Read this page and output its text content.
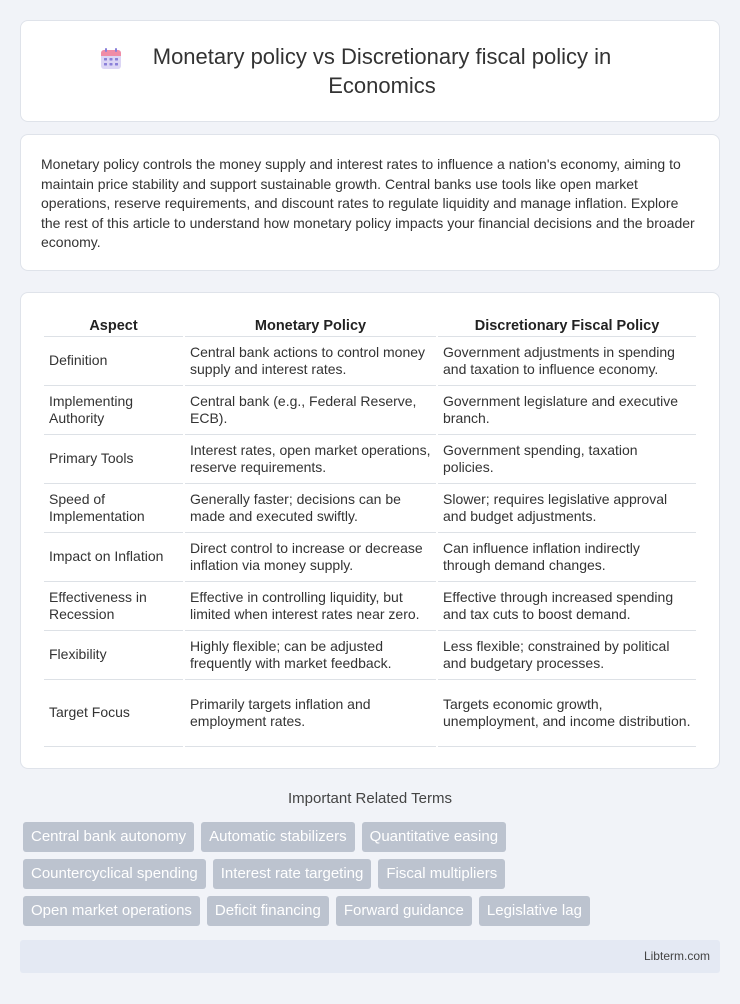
Monetary policy vs Discretionary fiscal policy in Economics

Monetary policy controls the money supply and interest rates to influence a nation's economy, aiming to maintain price stability and support sustainable growth. Central banks use tools like open market operations, reserve requirements, and discount rates to regulate liquidity and manage inflation. Explore the rest of this article to understand how monetary policy impacts your financial decisions and the broader economy.

Aspect	Monetary Policy	Discretionary Fiscal Policy
Definition	Central bank actions to control money supply and interest rates.	Government adjustments in spending and taxation to influence economy.
Implementing Authority	Central bank (e.g., Federal Reserve, ECB).	Government legislature and executive branch.
Primary Tools	Interest rates, open market operations, reserve requirements.	Government spending, taxation policies.
Speed of Implementation	Generally faster; decisions can be made and executed swiftly.	Slower; requires legislative approval and budget adjustments.
Impact on Inflation	Direct control to increase or decrease inflation via money supply.	Can influence inflation indirectly through demand changes.
Effectiveness in Recession	Effective in controlling liquidity, but limited when interest rates near zero.	Effective through increased spending and tax cuts to boost demand.
Flexibility	Highly flexible; can be adjusted frequently with market feedback.	Less flexible; constrained by political and budgetary processes.
Target Focus	Primarily targets inflation and employment rates.	Targets economic growth, unemployment, and income distribution.
Important Related Terms
Central bank autonomy	Automatic stabilizers	Quantitative easing
Countercyclical spending	Interest rate targeting	Fiscal multipliers
Open market operations	Deficit financing	Forward guidance	Legislative lag
Libterm.com
